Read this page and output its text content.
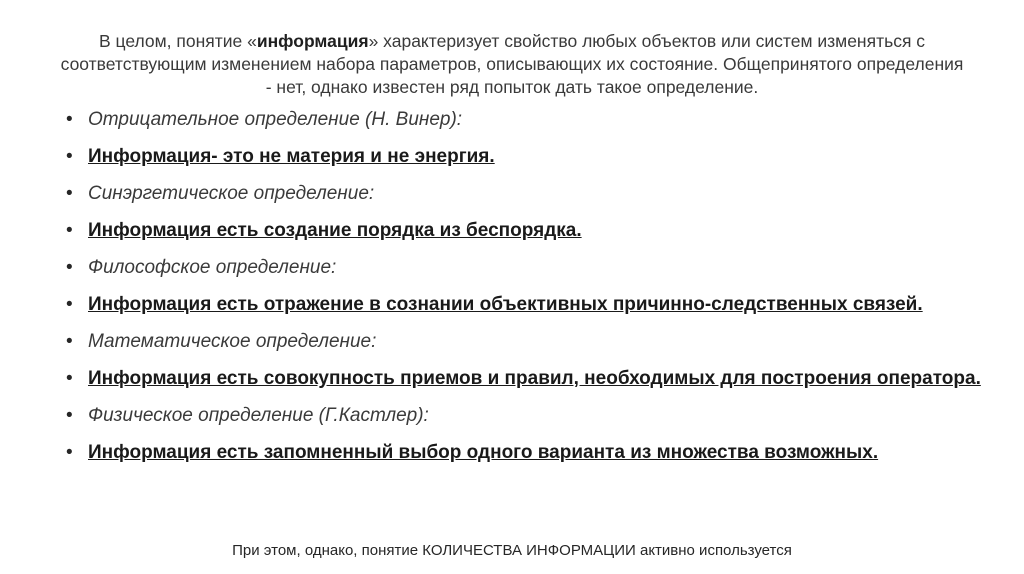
В целом, понятие «информация» характеризует свойство любых объектов или систем изменяться с соответствующим изменением набора параметров, описывающих их состояние. Общепринятого определения - нет, однако известен ряд попыток дать такое определение.

• Отрицательное определение (Н. Винер):
• Информация- это не материя и не энергия.
• Синэргетическое определение:
• Информация есть создание порядка из беспорядка.
• Философское определение:
• Информация есть отражение в сознании объективных причинно-следственных связей.
• Математическое определение:
• Информация есть совокупность приемов и правил, необходимых для построения оператора.
• Физическое определение (Г.Кастлер):
• Информация есть запомненный выбор одного варианта из множества возможных.

При этом, однако, понятие КОЛИЧЕСТВА ИНФОРМАЦИИ активно используется
